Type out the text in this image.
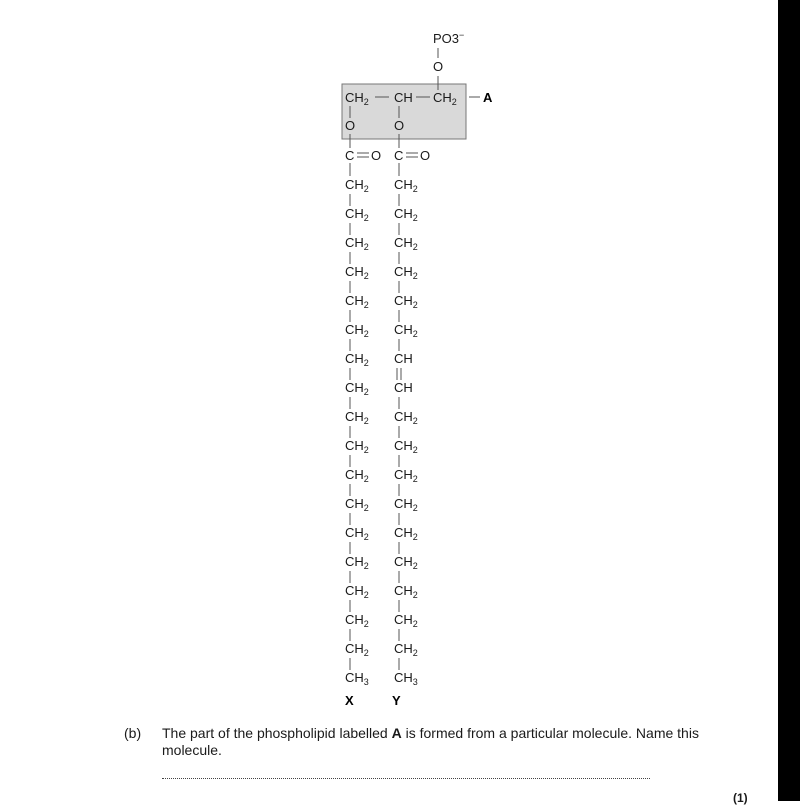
PO3−
O
$CH_2$ CH $CH_2$ A
O	O
C O C O
$CH_2$
$CH_2$
$CH_2$
$CH_2$
$CH_2$
$CH_2$
$CH_2$
$CH_2$
$CH_2$
$CH_2$
$CH_2$
$CH_2$
$CH_2$
$CH_2$
$CH_2$
$CH_2$
$CH_2$
$CH_3$
$CH_2$
$CH_2$
$CH_2$
$CH_2$
$CH_2$
$CH_2$
CH
CH
$CH_2$
$CH_2$
$CH_2$
$CH_2$
$CH_2$
$CH_2$
$CH_2$
$CH_2$
$CH_2$
$CH_3$
X	Y
(b) The part of the phospholipid labelled A is formed from a particular molecule. Name this molecule.
(1)
